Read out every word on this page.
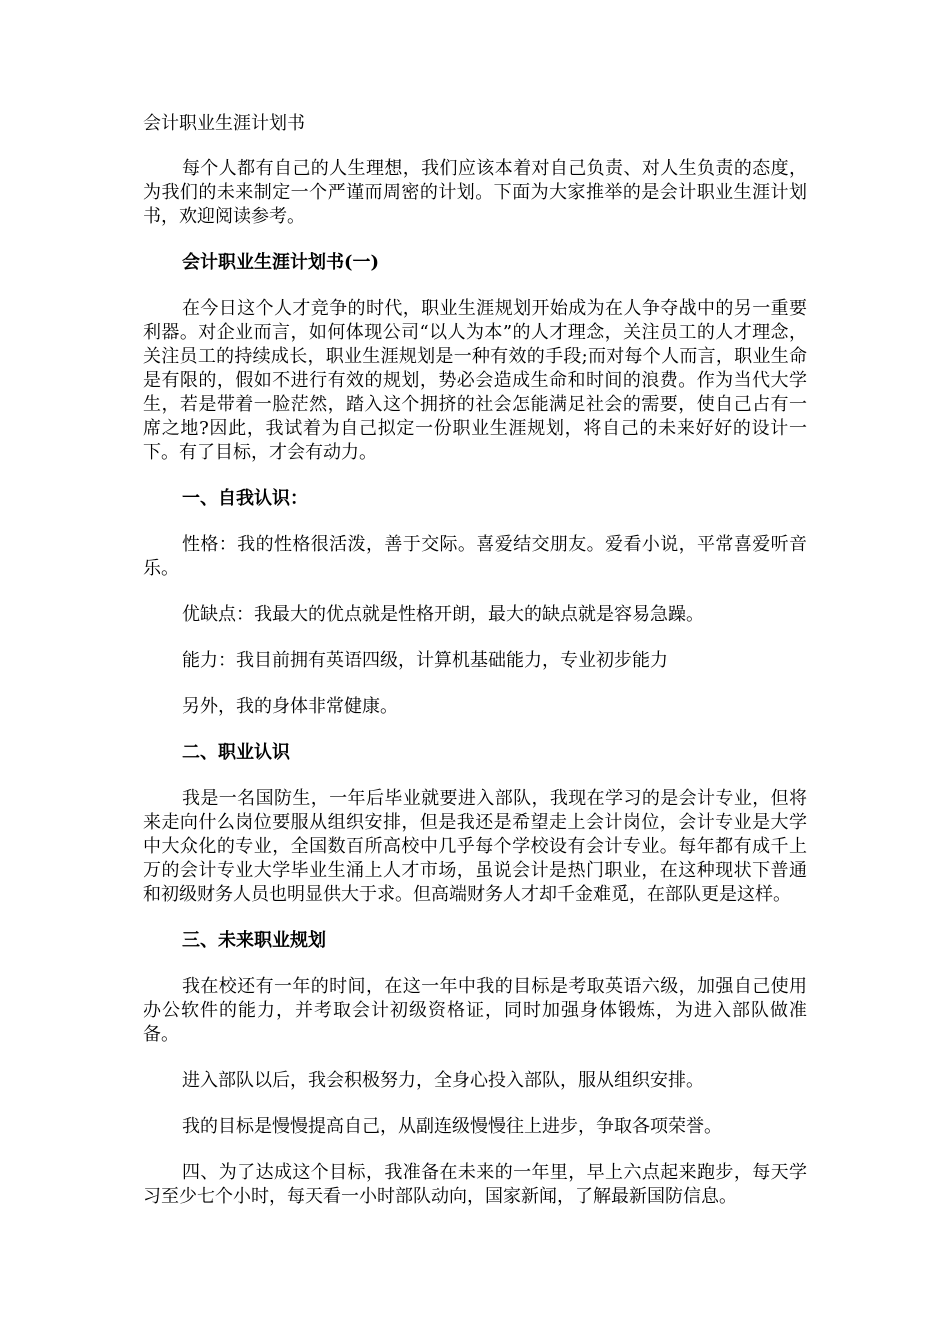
会计职业生涯计划书

每个人都有自己的人生理想，我们应该本着对自己负责、对人生负责的态度，为我们的未来制定一个严谨而周密的计划。下面为大家推举的是会计职业生涯计划书，欢迎阅读参考。

会计职业生涯计划书(一)

在今日这个人才竞争的时代，职业生涯规划开始成为在人争夺战中的另一重要利器。对企业而言，如何体现公司“以人为本”的人才理念，关注员工的人才理念，关注员工的持续成长，职业生涯规划是一种有效的手段;而对每个人而言，职业生命是有限的，假如不进行有效的规划，势必会造成生命和时间的浪费。作为当代大学生，若是带着一脸茫然，踏入这个拥挤的社会怎能满足社会的需要，使自己占有一席之地?因此，我试着为自己拟定一份职业生涯规划，将自己的未来好好的设计一下。有了目标，才会有动力。

一、自我认识：

性格：我的性格很活泼，善于交际。喜爱结交朋友。爱看小说，平常喜爱听音乐。

优缺点：我最大的优点就是性格开朗，最大的缺点就是容易急躁。

能力：我目前拥有英语四级，计算机基础能力，专业初步能力

另外，我的身体非常健康。

二、职业认识

我是一名国防生，一年后毕业就要进入部队，我现在学习的是会计专业，但将来走向什么岗位要服从组织安排，但是我还是希望走上会计岗位，会计专业是大学中大众化的专业，全国数百所高校中几乎每个学校设有会计专业。每年都有成千上万的会计专业大学毕业生涌上人才市场，虽说会计是热门职业，在这种现状下普通和初级财务人员也明显供大于求。但高端财务人才却千金难觅，在部队更是这样。

三、未来职业规划

我在校还有一年的时间，在这一年中我的目标是考取英语六级，加强自己使用办公软件的能力，并考取会计初级资格证，同时加强身体锻炼，为进入部队做准备。

进入部队以后，我会积极努力，全身心投入部队，服从组织安排。

我的目标是慢慢提高自己，从副连级慢慢往上进步，争取各项荣誉。

四、为了达成这个目标，我准备在未来的一年里，早上六点起来跑步，每天学习至少七个小时，每天看一小时部队动向，国家新闻，了解最新国防信息。
